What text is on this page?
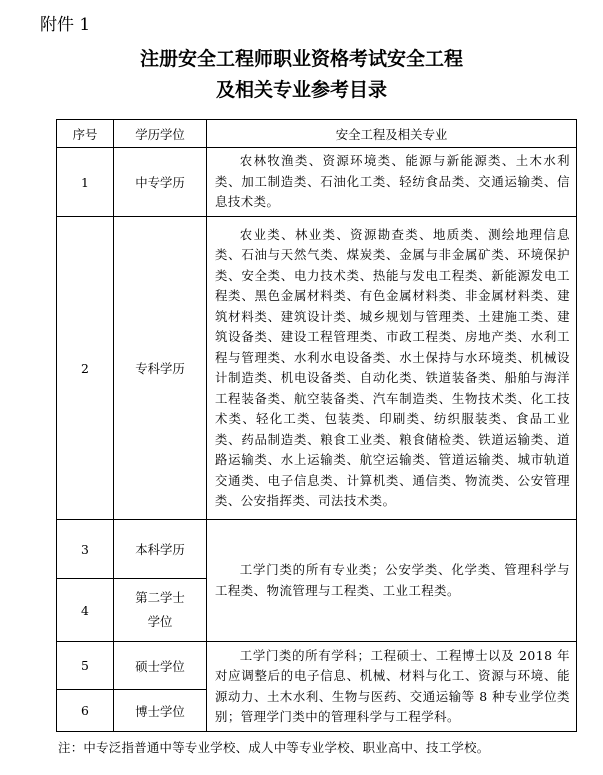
附件 1
注册安全工程师职业资格考试安全工程
及相关专业参考目录
序号	学历学位	安全工程及相关专业
1	中专学历	农林牧渔类、资源环境类、能源与新能源类、土木水利类、加工制造类、石油化工类、轻纺食品类、交通运输类、信息技术类。
2	专科学历	农业类、林业类、资源勘查类、地质类、测绘地理信息类、石油与天然气类、煤炭类、金属与非金属矿类、环境保护类、安全类、电力技术类、热能与发电工程类、新能源发电工程类、黑色金属材料类、有色金属材料类、非金属材料类、建筑材料类、建筑设计类、城乡规划与管理类、土建施工类、建筑设备类、建设工程管理类、市政工程类、房地产类、水利工程与管理类、水利水电设备类、水土保持与水环境类、机械设计制造类、机电设备类、自动化类、铁道装备类、船舶与海洋工程装备类、航空装备类、汽车制造类、生物技术类、化工技术类、轻化工类、包装类、印刷类、纺织服装类、食品工业类、药品制造类、粮食工业类、粮食储检类、铁道运输类、道路运输类、水上运输类、航空运输类、管道运输类、城市轨道交通类、电子信息类、计算机类、通信类、物流类、公安管理类、公安指挥类、司法技术类。
3	本科学历	工学门类的所有专业类；公安学类、化学类、管理科学与工程类、物流管理与工程类、工业工程类。
4	第二学士学位	
5	硕士学位	工学门类的所有学科；工程硕士、工程博士以及 2018 年对应调整后的电子信息、机械、材料与化工、资源与环境、能源动力、土木水利、生物与医药、交通运输等 8 种专业学位类别；管理学门类中的管理科学与工程学科。
6	博士学位	
注：中专泛指普通中等专业学校、成人中等专业学校、职业高中、技工学校。
